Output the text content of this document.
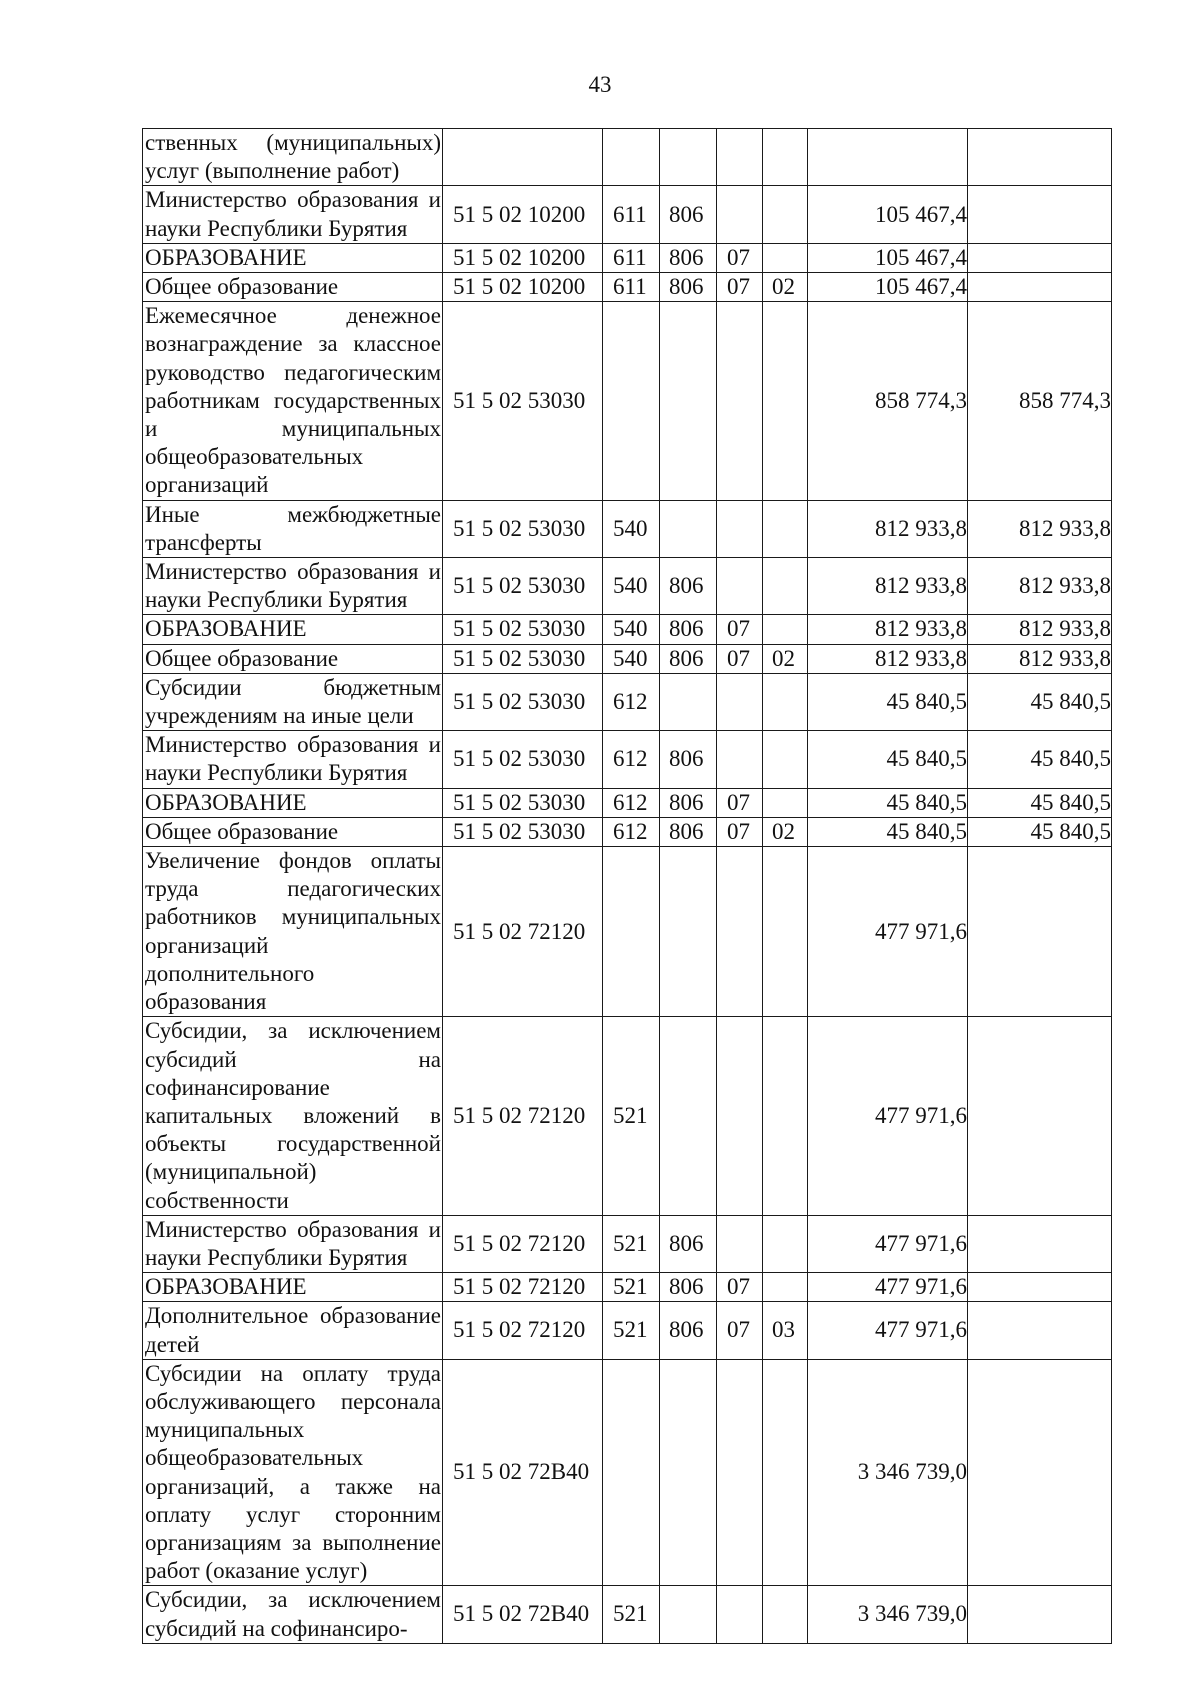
43
ственных (муниципальных) услуг (выполнение работ)							
Министерство образования и науки Республики Бурятия	51 5 02 10200	611	806			105 467,4	
ОБРАЗОВАНИЕ	51 5 02 10200	611	806	07		105 467,4	
Общее образование	51 5 02 10200	611	806	07	02	105 467,4	
Ежемесячное денежное вознаграждение за классное руководство педагогическим работникам государственных и муниципальных общеобразовательных организаций	51 5 02 53030					858 774,3	858 774,3
Иные межбюджетные трансферты	51 5 02 53030	540				812 933,8	812 933,8
Министерство образования и науки Республики Бурятия	51 5 02 53030	540	806			812 933,8	812 933,8
ОБРАЗОВАНИЕ	51 5 02 53030	540	806	07		812 933,8	812 933,8
Общее образование	51 5 02 53030	540	806	07	02	812 933,8	812 933,8
Субсидии бюджетным учреждениям на иные цели	51 5 02 53030	612				45 840,5	45 840,5
Министерство образования и науки Республики Бурятия	51 5 02 53030	612	806			45 840,5	45 840,5
ОБРАЗОВАНИЕ	51 5 02 53030	612	806	07		45 840,5	45 840,5
Общее образование	51 5 02 53030	612	806	07	02	45 840,5	45 840,5
Увеличение фондов оплаты труда педагогических работников муниципальных организаций дополнительного образования	51 5 02 72120					477 971,6	
Субсидии, за исключением субсидий на софинансирование капитальных вложений в объекты государственной (муниципальной) собственности	51 5 02 72120	521				477 971,6	
Министерство образования и науки Республики Бурятия	51 5 02 72120	521	806			477 971,6	
ОБРАЗОВАНИЕ	51 5 02 72120	521	806	07		477 971,6	
Дополнительное образование детей	51 5 02 72120	521	806	07	03	477 971,6	
Субсидии на оплату труда обслуживающего персонала муниципальных общеобразовательных организаций, а также на оплату услуг сторонним организациям за выполнение работ (оказание услуг)	51 5 02 72В40					3 346 739,0	
Субсидии, за исключением субсидий на софинансиро-	51 5 02 72В40	521				3 346 739,0	
